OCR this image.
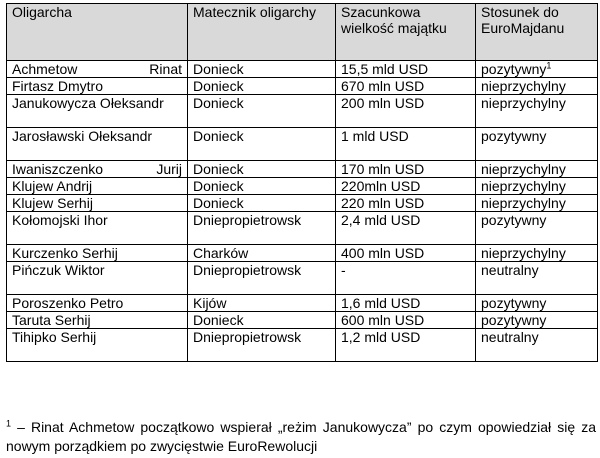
Oligarcha	Matecznik oligarchy	Szacunkowa wielkość majątku	Stosunek do EuroMajdanu
Achmetow Rinat	Donieck	15,5 mld USD	pozytywny$^1$
Firtasz Dmytro	Donieck	670 mln USD	nieprzychylny
Janukowycza Ołeksandr	Donieck	200 mln USD	nieprzychylny
Jarosławski Ołeksandr	Donieck	1 mld USD	pozytywny
Iwaniszczenko Jurij	Donieck	170 mln USD	nieprzychylny
Klujew Andrij	Donieck	220mln USD	nieprzychylny
Klujew Serhij	Donieck	220 mln USD	nieprzychylny
Kołomojski Ihor	Dniepropietrowsk	2,4 mld USD	pozytywny
Kurczenko Serhij	Charków	400 mln USD	nieprzychylny
Pińczuk Wiktor	Dniepropietrowsk	-	neutralny
Poroszenko Petro	Kijów	1,6 mld USD	pozytywny
Taruta Serhij	Donieck	600 mln USD	pozytywny
Tihipko Serhij	Dniepropietrowsk	1,2 mld USD	neutralny
$^1$ – Rinat Achmetow początkowo wspierał „reżim Janukowycza” po czym opowiedział się za nowym porządkiem po zwycięstwie EuroRewolucji
